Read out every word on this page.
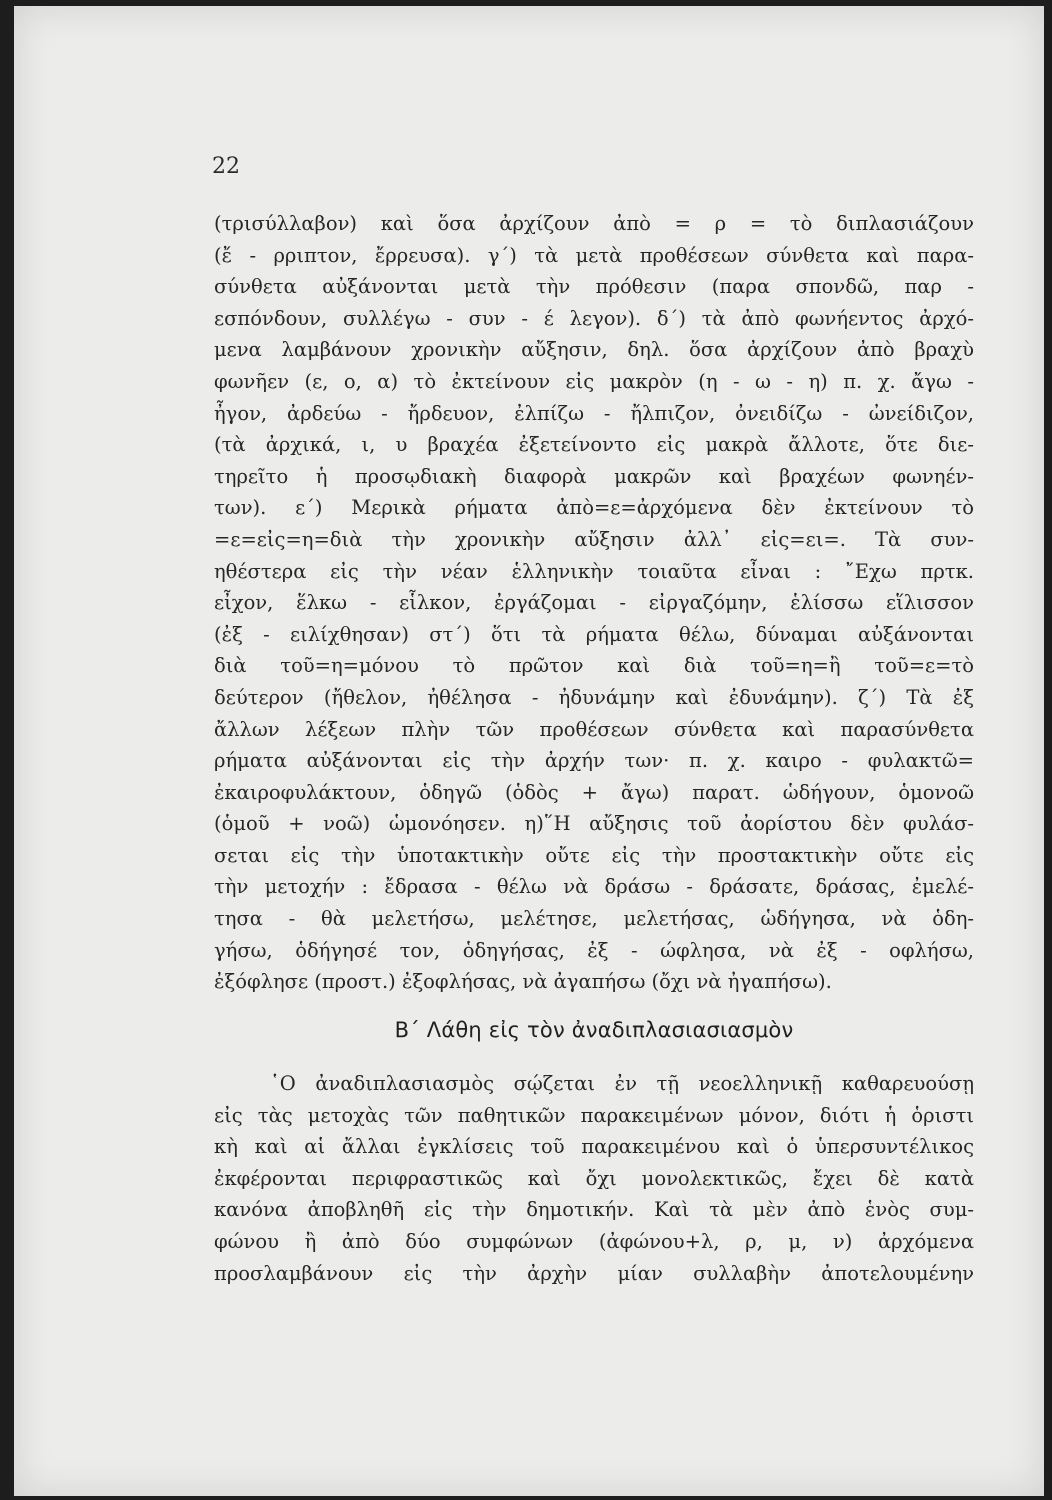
22
(τρισύλλαβον) καὶ ὅσα ἀρχίζουν ἀπὸ = ρ = τὸ διπλασιάζουν
(ἔ - ρριπτον, ἔρρευσα). γ΄) τὰ μετὰ προθέσεων σύνθετα καὶ παρα-
σύνθετα αὐξάνονται μετὰ τὴν πρόθεσιν (παρα σπονδῶ, παρ -
εσπόνδουν, συλλέγω - συν - έ λεγον). δ΄) τὰ ἀπὸ φωνήεντος ἀρχό-
μενα λαμβάνουν χρονικὴν αὔξησιν, δηλ. ὅσα ἀρχίζουν ἀπὸ βραχὺ
φωνῆεν (ε, ο, α) τὸ ἐκτείνουν εἰς μακρὸν (η - ω - η) π. χ. ἄγω -
ἦγον, ἀρδεύω - ἤρδευον, ἐλπίζω - ἤλπιζον, ὀνειδίζω - ὠνείδιζον,
(τὰ ἀρχικά, ι, υ βραχέα ἐξετείνοντο εἰς μακρὰ ἄλλοτε, ὅτε διε-
τηρεῖτο ἡ προσῳδιακὴ διαφορὰ μακρῶν καὶ βραχέων φωνηέν-
των). ε΄) Μερικὰ ρήματα ἀπὸ=ε=ἀρχόμενα δὲν ἐκτείνουν τὸ
=ε=εἰς=η=διὰ τὴν χρονικὴν αὔξησιν ἀλλ᾽ εἰς=ει=. Τὰ συν-
ηθέστερα εἰς τὴν νέαν ἑλληνικὴν τοιαῦτα εἶναι : ῎Εχω πρτκ.
εἶχον, ἕλκω - εἷλκον, ἐργάζομαι - εἰργαζόμην, ἑλίσσω εἵλισσον
(ἐξ - ειλίχθησαν) στ΄) ὅτι τὰ ρήματα θέλω, δύναμαι αὐξάνονται
διὰ τοῦ=η=μόνου τὸ πρῶτον καὶ διὰ τοῦ=η=ἢ τοῦ=ε=τὸ
δεύτερον (ἤθελον, ἠθέλησα - ἠδυνάμην καὶ ἐδυνάμην). ζ΄) Τὰ ἐξ
ἄλλων λέξεων πλὴν τῶν προθέσεων σύνθετα καὶ παρασύνθετα
ρήματα αὐξάνονται εἰς τὴν ἀρχήν των· π. χ. καιρο - φυλακτῶ=
ἐκαιροφυλάκτουν, ὁδηγῶ (ὁδὸς + ἄγω) παρατ. ὡδήγουν, ὁμονοῶ
(ὁμοῦ + νοῶ) ὡμονόησεν. η)῞Η αὔξησις τοῦ ἀορίστου δὲν φυλάσ-
σεται εἰς τὴν ὑποτακτικὴν οὔτε εἰς τὴν προστακτικὴν οὔτε εἰς
τὴν μετοχήν : ἔδρασα - θέλω νὰ δράσω - δράσατε, δράσας, ἐμελέ-
τησα - θὰ μελετήσω, μελέτησε, μελετήσας, ὡδήγησα, νὰ ὁδη-
γήσω, ὁδήγησέ τον, ὁδηγήσας, ἐξ - ώφλησα, νὰ ἐξ - οφλήσω,
ἐξόφλησε (προστ.) ἐξοφλήσας, νὰ ἀγαπήσω (ὄχι νὰ ἠγαπήσω).
Β΄ Λάθη εἰς τὸν ἀναδιπλασιασιασμὸν
῾Ο ἀναδιπλασιασμὸς σῴζεται ἐν τῇ νεοελληνικῇ καθαρευούσῃ
εἰς τὰς μετοχὰς τῶν παθητικῶν παρακειμένων μόνον, διότι ἡ ὁριστι
κὴ καὶ αἱ ἄλλαι ἐγκλίσεις τοῦ παρακειμένου καὶ ὁ ὑπερσυντέλικος
ἐκφέρονται περιφραστικῶς καὶ ὄχι μονολεκτικῶς, ἔχει δὲ κατὰ
κανόνα ἀποβληθῆ εἰς τὴν δημοτικήν. Καὶ τὰ μὲν ἀπὸ ἑνὸς συμ-
φώνου ἢ ἀπὸ δύο συμφώνων (ἀφώνου+λ, ρ, μ, ν) ἀρχόμενα
προσλαμβάνουν εἰς τὴν ἀρχὴν μίαν συλλαβὴν ἀποτελουμένην
